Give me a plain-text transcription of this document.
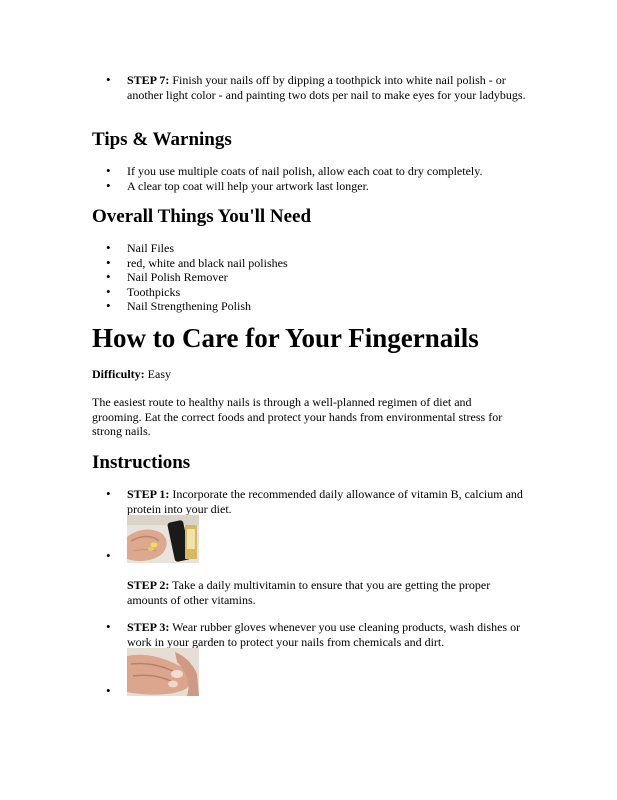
• STEP 7: Finish your nails off by dipping a toothpick into white nail polish - or another light color - and painting two dots per nail to make eyes for your ladybugs.
Tips & Warnings
• If you use multiple coats of nail polish, allow each coat to dry completely.
• A clear top coat will help your artwork last longer.
Overall Things You'll Need
• Nail Files
• red, white and black nail polishes
• Nail Polish Remover
• Toothpicks
• Nail Strengthening Polish
How to Care for Your Fingernails

Difficulty: Easy

The easiest route to healthy nails is through a well-planned regimen of diet and grooming. Eat the correct foods and protect your hands from environmental stress for strong nails.

Instructions
• STEP 1: Incorporate the recommended daily allowance of vitamin B, calcium and protein into your diet.
STEP 2: Take a daily multivitamin to ensure that you are getting the proper amounts of other vitamins.
• STEP 3: Wear rubber gloves whenever you use cleaning products, wash dishes or work in your garden to protect your nails from chemicals and dirt.
•
•
